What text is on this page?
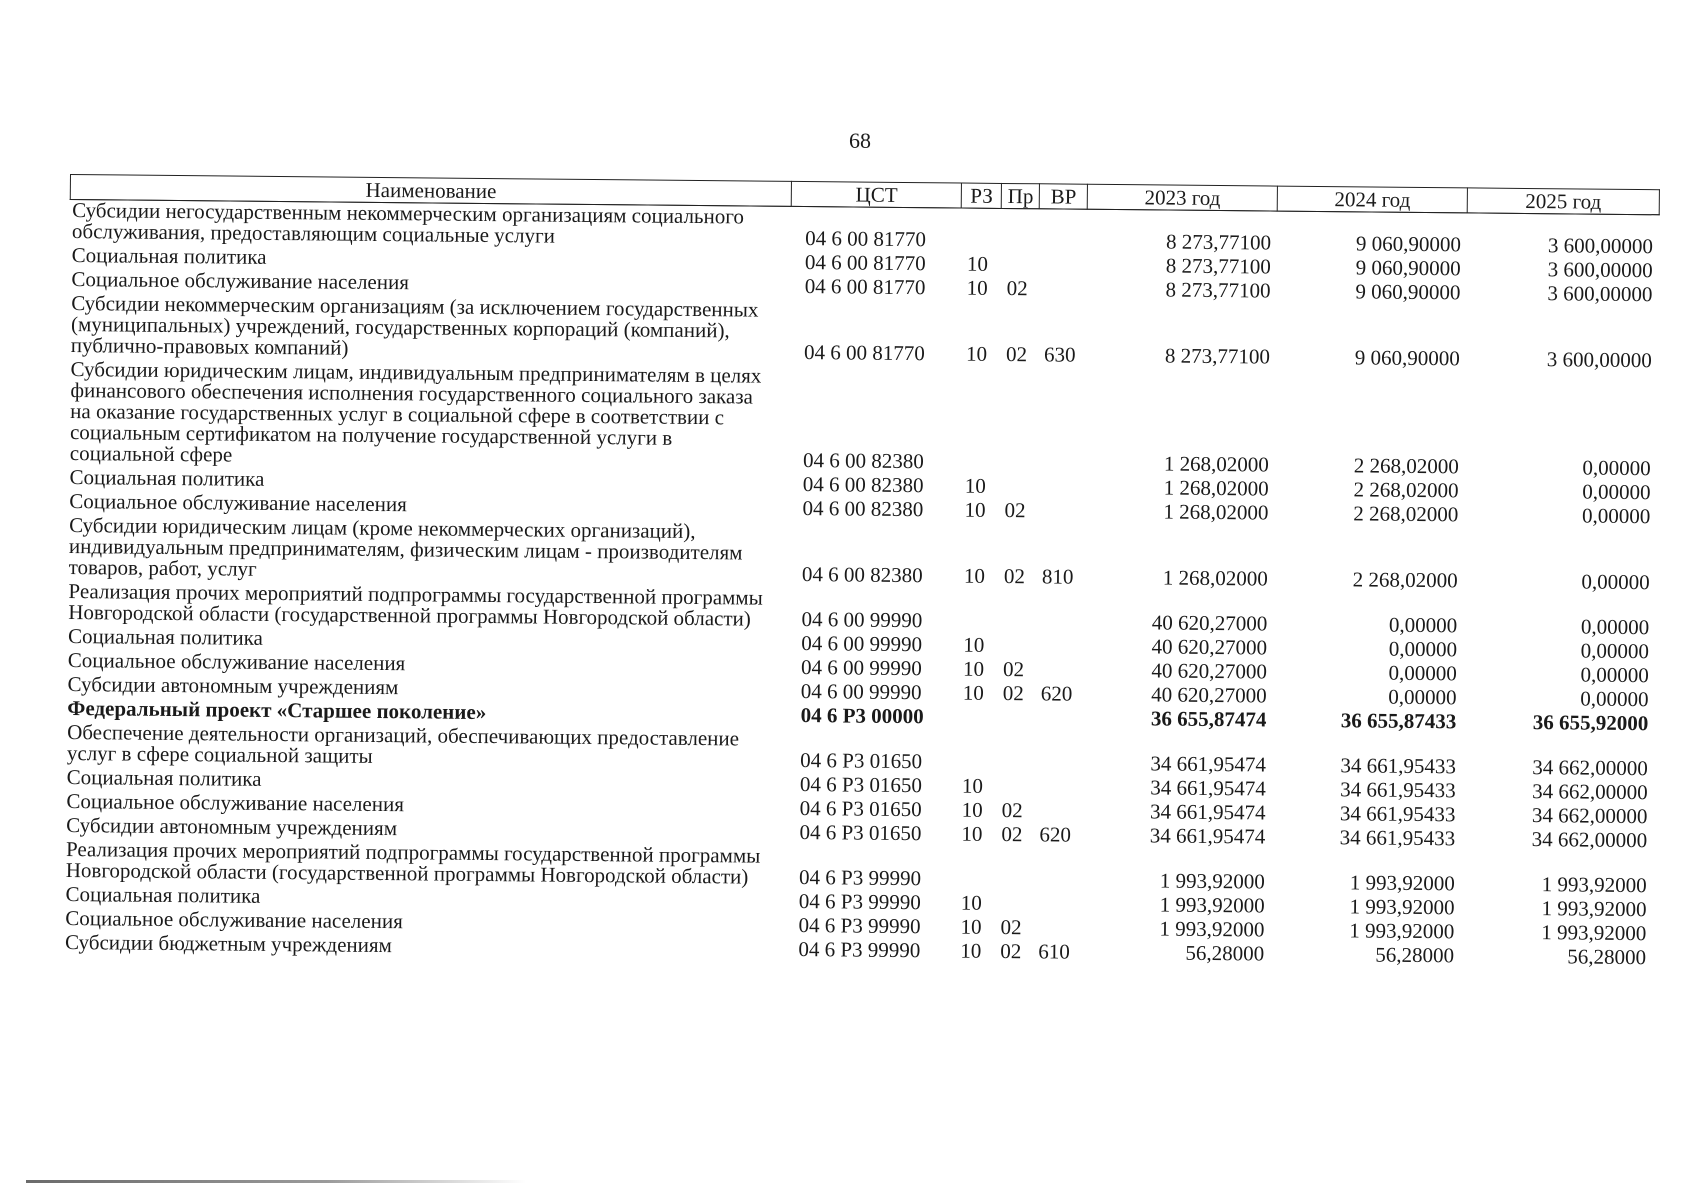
68
Наименование	ЦСТ	РЗ	Пр	ВР	2023 год	2024 год	2025 год
Субсидии негосударственным некоммерческим организациям социального обслуживания, предоставляющим социальные услуги	04 6 00 81770				8 273,77100	9 060,90000	3 600,00000
Социальная политика	04 6 00 81770	10			8 273,77100	9 060,90000	3 600,00000
Социальное обслуживание населения	04 6 00 81770	10	02		8 273,77100	9 060,90000	3 600,00000
Субсидии некоммерческим организациям (за исключением государственных (муниципальных) учреждений, государственных корпораций (компаний), публично-правовых компаний)	04 6 00 81770	10	02	630	8 273,77100	9 060,90000	3 600,00000
Субсидии юридическим лицам, индивидуальным предпринимателям в целях финансового обеспечения исполнения государственного социального заказа на оказание государственных услуг в социальной сфере в соответствии с социальным сертификатом на получение государственной услуги в социальной сфере	04 6 00 82380				1 268,02000	2 268,02000	0,00000
Социальная политика	04 6 00 82380	10			1 268,02000	2 268,02000	0,00000
Социальное обслуживание населения	04 6 00 82380	10	02		1 268,02000	2 268,02000	0,00000
Субсидии юридическим лицам (кроме некоммерческих организаций), индивидуальным предпринимателям, физическим лицам - производителям товаров, работ, услуг	04 6 00 82380	10	02	810	1 268,02000	2 268,02000	0,00000
Реализация прочих мероприятий подпрограммы государственной программы Новгородской области (государственной программы Новгородской области)	04 6 00 99990				40 620,27000	0,00000	0,00000
Социальная политика	04 6 00 99990	10			40 620,27000	0,00000	0,00000
Социальное обслуживание населения	04 6 00 99990	10	02		40 620,27000	0,00000	0,00000
Субсидии автономным учреждениям	04 6 00 99990	10	02	620	40 620,27000	0,00000	0,00000
Федеральный проект «Старшее поколение»	04 6 P3 00000				36 655,87474	36 655,87433	36 655,92000
Обеспечение деятельности организаций, обеспечивающих предоставление услуг в сфере социальной защиты	04 6 P3 01650				34 661,95474	34 661,95433	34 662,00000
Социальная политика	04 6 P3 01650	10			34 661,95474	34 661,95433	34 662,00000
Социальное обслуживание населения	04 6 P3 01650	10	02		34 661,95474	34 661,95433	34 662,00000
Субсидии автономным учреждениям	04 6 P3 01650	10	02	620	34 661,95474	34 661,95433	34 662,00000
Реализация прочих мероприятий подпрограммы государственной программы Новгородской области (государственной программы Новгородской области)	04 6 P3 99990				1 993,92000	1 993,92000	1 993,92000
Социальная политика	04 6 P3 99990	10			1 993,92000	1 993,92000	1 993,92000
Социальное обслуживание населения	04 6 P3 99990	10	02		1 993,92000	1 993,92000	1 993,92000
Субсидии бюджетным учреждениям	04 6 P3 99990	10	02	610	56,28000	56,28000	56,28000
